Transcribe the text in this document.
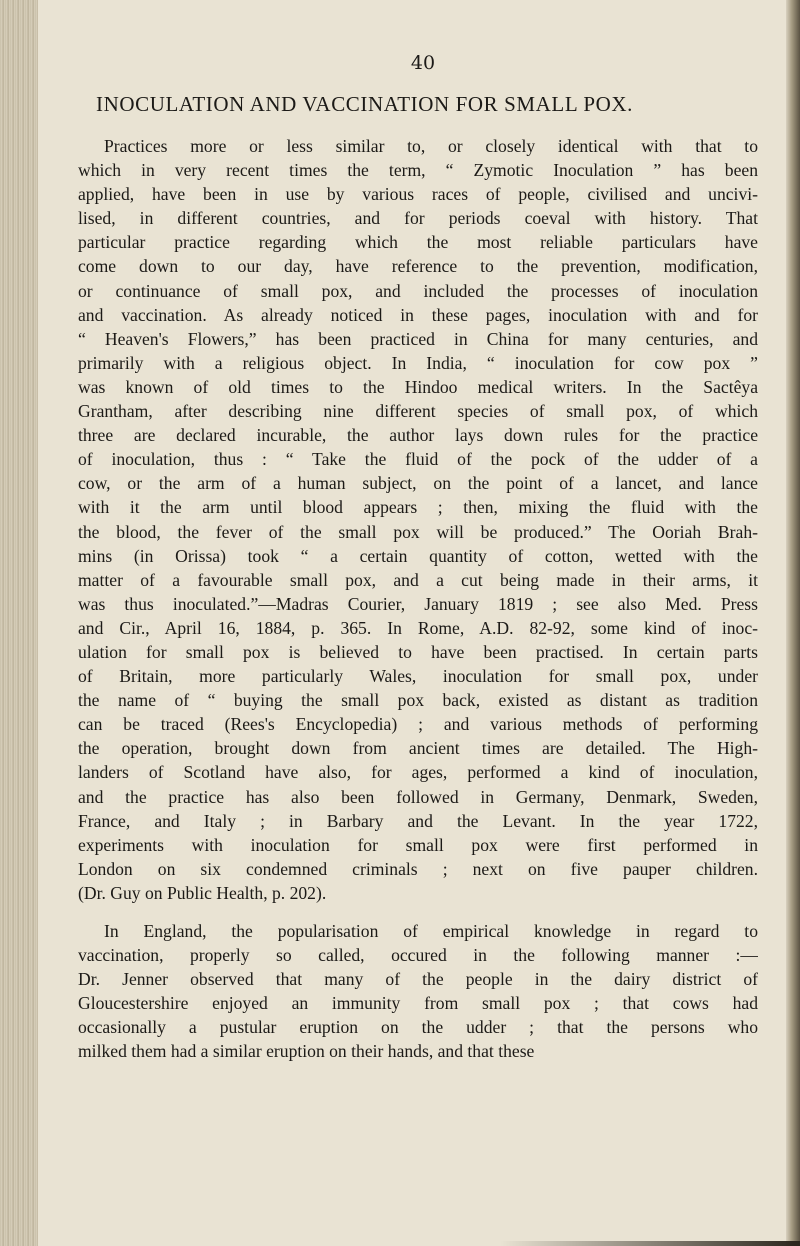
40
INOCULATION AND VACCINATION FOR SMALL POX.
Practices more or less similar to, or closely identical with that to
which in very recent times the term, “ Zymotic Inoculation ” has been
applied, have been in use by various races of people, civilised and uncivi-
lised, in different countries, and for periods coeval with history. That
particular practice regarding which the most reliable particulars have
come down to our day, have reference to the prevention, modification,
or continuance of small pox, and included the processes of inoculation
and vaccination. As already noticed in these pages, inoculation with and for
“ Heaven's Flowers,” has been practiced in China for many centuries, and
primarily with a religious object. In India, “ inoculation for cow pox ”
was known of old times to the Hindoo medical writers. In the Sactêya
Grantham, after describing nine different species of small pox, of which
three are declared incurable, the author lays down rules for the practice
of inoculation, thus : “ Take the fluid of the pock of the udder of a
cow, or the arm of a human subject, on the point of a lancet, and lance
with it the arm until blood appears ; then, mixing the fluid with the
the blood, the fever of the small pox will be produced.” The Ooriah Brah-
mins (in Orissa) took “ a certain quantity of cotton, wetted with the
matter of a favourable small pox, and a cut being made in their arms, it
was thus inoculated.”—Madras Courier, January 1819 ; see also Med. Press
and Cir., April 16, 1884, p. 365. In Rome, A.D. 82-92, some kind of inoc-
ulation for small pox is believed to have been practised. In certain parts
of Britain, more particularly Wales, inoculation for small pox, under
the name of “ buying the small pox back, existed as distant as tradition
can be traced (Rees's Encyclopedia) ; and various methods of performing
the operation, brought down from ancient times are detailed. The High-
landers of Scotland have also, for ages, performed a kind of inoculation,
and the practice has also been followed in Germany, Denmark, Sweden,
France, and Italy ; in Barbary and the Levant. In the year 1722,
experiments with inoculation for small pox were first performed in
London on six condemned criminals ; next on five pauper children.
(Dr. Guy on Public Health, p. 202).
In England, the popularisation of empirical knowledge in regard to
vaccination, properly so called, occured in the following manner :—
Dr. Jenner observed that many of the people in the dairy district of
Gloucestershire enjoyed an immunity from small pox ; that cows had
occasionally a pustular eruption on the udder ; that the persons who
milked them had a similar eruption on their hands, and that these
